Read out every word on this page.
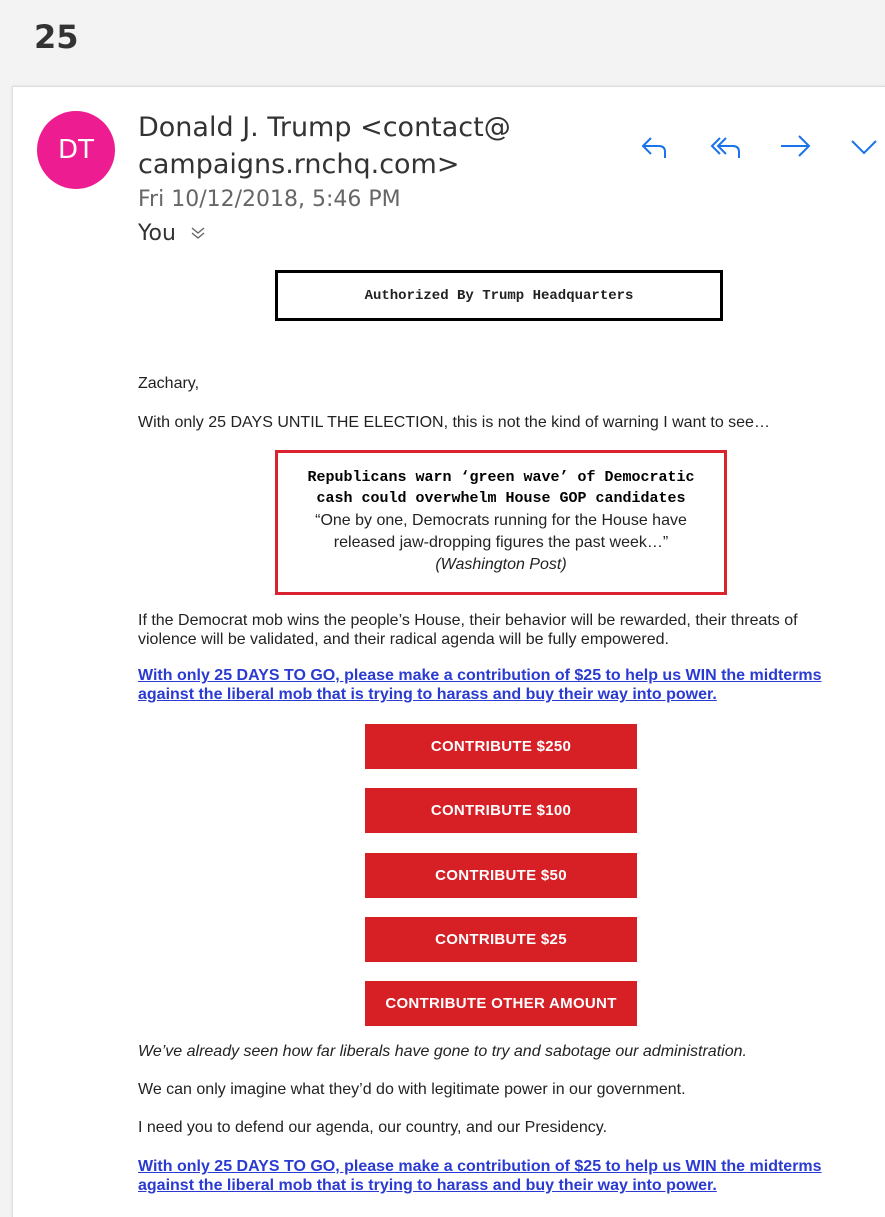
25
DT
Donald J. Trump <contact@campaigns.rnchq.com>
Fri 10/12/2018, 5:46 PM
You
Authorized By Trump Headquarters
Zachary,
With only 25 DAYS UNTIL THE ELECTION, this is not the kind of warning I want to see…
Republicans warn ‘green wave’ of Democratic cash could overwhelm House GOP candidates
“One by one, Democrats running for the House have released jaw-dropping figures the past week…”
(Washington Post)
If the Democrat mob wins the people’s House, their behavior will be rewarded, their threats of violence will be validated, and their radical agenda will be fully empowered.
With only 25 DAYS TO GO, please make a contribution of $25 to help us WIN the midterms against the liberal mob that is trying to harass and buy their way into power.
CONTRIBUTE $250
CONTRIBUTE $100
CONTRIBUTE $50
CONTRIBUTE $25
CONTRIBUTE OTHER AMOUNT
We’ve already seen how far liberals have gone to try and sabotage our administration.
We can only imagine what they’d do with legitimate power in our government.
I need you to defend our agenda, our country, and our Presidency.
With only 25 DAYS TO GO, please make a contribution of $25 to help us WIN the midterms against the liberal mob that is trying to harass and buy their way into power.
